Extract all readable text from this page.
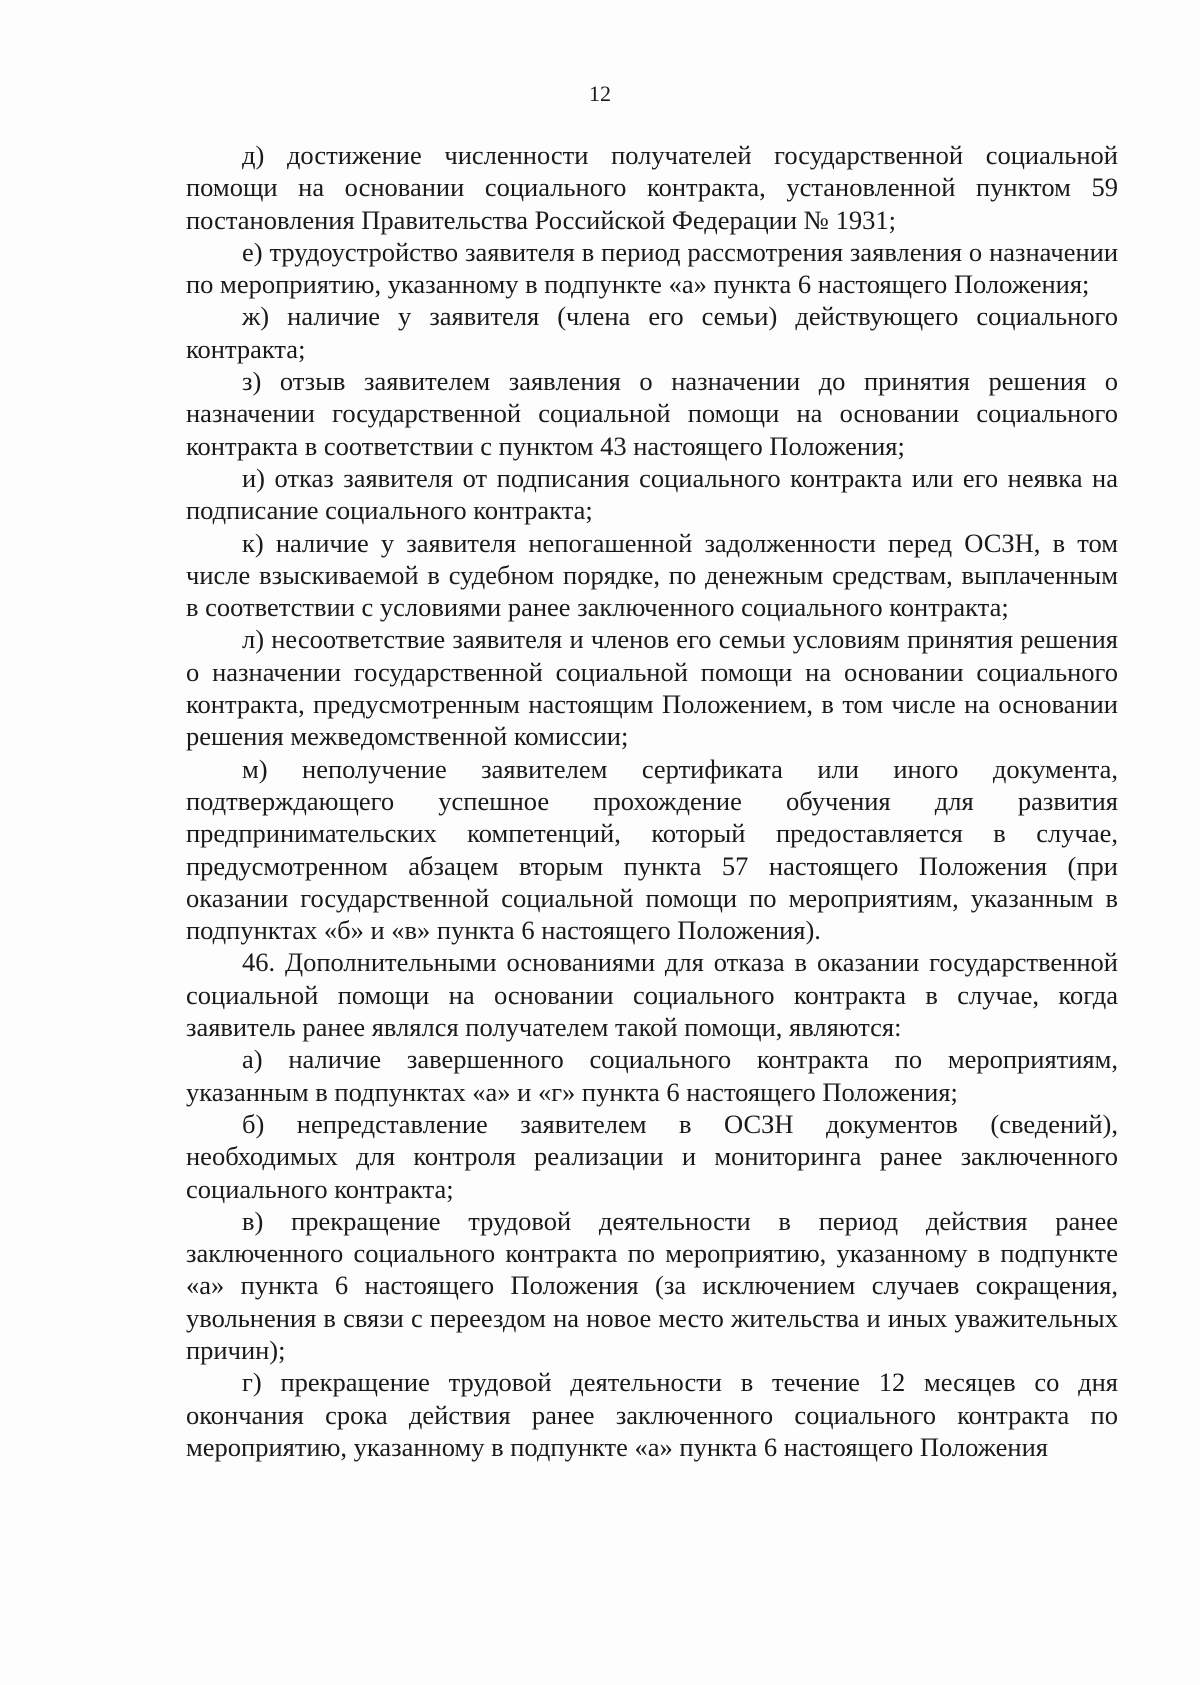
12

д) достижение численности получателей государственной социальной помощи на основании социального контракта, установленной пунктом 59 постановления Правительства Российской Федерации № 1931;

е) трудоустройство заявителя в период рассмотрения заявления о назначении по мероприятию, указанному в подпункте «а» пункта 6 настоящего Положения;

ж) наличие у заявителя (члена его семьи) действующего социального контракта;

з) отзыв заявителем заявления о назначении до принятия решения о назначении государственной социальной помощи на основании социального контракта в соответствии с пунктом 43 настоящего Положения;

и) отказ заявителя от подписания социального контракта или его неявка на подписание социального контракта;

к) наличие у заявителя непогашенной задолженности перед ОСЗН, в том числе взыскиваемой в судебном порядке, по денежным средствам, выплаченным в соответствии с условиями ранее заключенного социального контракта;

л) несоответствие заявителя и членов его семьи условиям принятия решения о назначении государственной социальной помощи на основании социального контракта, предусмотренным настоящим Положением, в том числе на основании решения межведомственной комиссии;

м) неполучение заявителем сертификата или иного документа, подтверждающего успешное прохождение обучения для развития предпринимательских компетенций, который предоставляется в случае, предусмотренном абзацем вторым пункта 57 настоящего Положения (при оказании государственной социальной помощи по мероприятиям, указанным в подпунктах «б» и «в» пункта 6 настоящего Положения).

46. Дополнительными основаниями для отказа в оказании государственной социальной помощи на основании социального контракта в случае, когда заявитель ранее являлся получателем такой помощи, являются:

а) наличие завершенного социального контракта по мероприятиям, указанным в подпунктах «а» и «г» пункта 6 настоящего Положения;

б) непредставление заявителем в ОСЗН документов (сведений), необходимых для контроля реализации и мониторинга ранее заключенного социального контракта;

в) прекращение трудовой деятельности в период действия ранее заключенного социального контракта по мероприятию, указанному в подпункте «а» пункта 6 настоящего Положения (за исключением случаев сокращения, увольнения в связи с переездом на новое место жительства и иных уважительных причин);

г) прекращение трудовой деятельности в течение 12 месяцев со дня окончания срока действия ранее заключенного социального контракта по мероприятию, указанному в подпункте «а» пункта 6 настоящего Положения
